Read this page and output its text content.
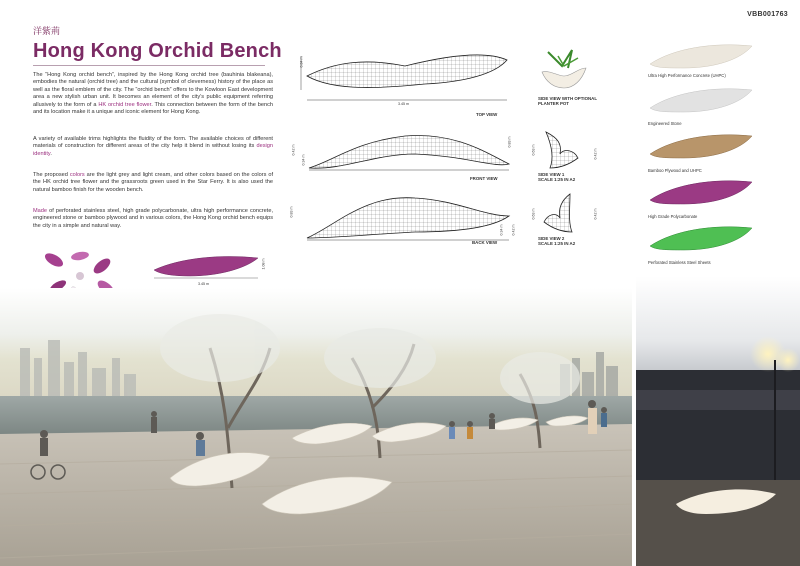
洋紫荊
Hong Kong Orchid Bench
VBB001763
The “Hong Kong orchid bench”, inspired by the Hong Kong orchid tree (bauhinia blakeana), embodies the natural (orchid tree) and the cultural (symbol of cleverness) history of the place as well as the floral emblem of the city. The “orchid bench” offers to the Kowloon East development area a new stylish urban unit. It becomes an element of the city’s public equipment referring allusively to the form of a HK orchid tree flower. This connection between the form of the bench and its location make it a unique and iconic element for Hong Kong.
A variety of available trims highlights the fluidity of the form. The available choices of different materials of construction for different areas of the city help it blend in without losing its design identity.
The proposed colors are the light grey and light cream, and other colors based on the colors of the HK orchid tree flower and the grassroots green used in the Star Ferry. It is also used the natural bamboo finish for the wooden bench.
Made of perforated stainless steel, high grade polycarbonate, ultra high performance concrete, engineered stone or bamboo plywood and in various colors, the Hong Kong orchid bench equips the city in a simple and natural way.
0.84 m
3.45 m
TOP VIEW
0.42 m
0.34 m
0.83 m
FRONT VIEW
0.83 m
0.34 m 0.42 m
BACK VIEW
SIDE VIEW WITH OPTIONAL PLANTER POT
0.63 m	0.42 m
SIDE VIEW 1
SCALE 1:25 IN A2
0.63 m	0.42 m
SIDE VIEW 2
SCALE 1:25 IN A2
1.08 m
3.45 m
Ultra High Performance Concrete (UHPC)
Engineered Stone
Bamboo Plywood and UHPC
High Grade Polycarbonate
Perforated Stainless Steel Sheets
